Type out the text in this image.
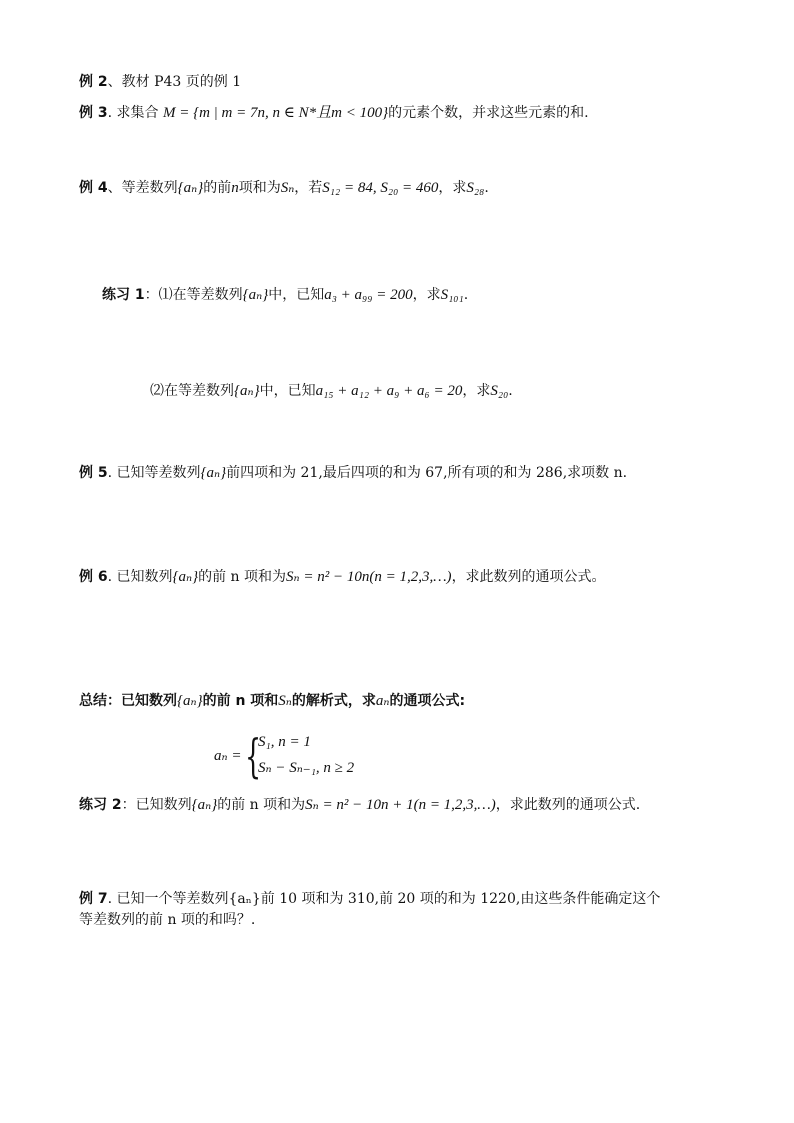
例 2、教材 P43 页的例 1
例 3. 求集合 M = {m | m = 7n, n ∈ N*且m < 100}的元素个数，并求这些元素的和.
例 4、等差数列{aₙ}的前n项和为Sₙ，若S₁₂ = 84, S₂₀ = 460，求S₂₈.
练习 1：⑴在等差数列{aₙ}中，已知a₃ + a₉₉ = 200，求S₁₀₁.
⑵在等差数列{aₙ}中，已知a₁₅ + a₁₂ + a₉ + a₆ = 20，求S₂₀.
例 5. 已知等差数列{aₙ}前四项和为 21,最后四项的和为 67,所有项的和为 286,求项数 n.
例 6. 已知数列{aₙ}的前 n 项和为Sₙ = n² − 10n(n = 1,2,3,…)，求此数列的通项公式。
总结：已知数列{aₙ}的前 n 项和Sₙ的解析式，求aₙ的通项公式:
aₙ = {
S₁, n = 1
Sₙ − Sₙ₋₁, n ≥ 2
练习 2：已知数列{aₙ}的前 n 项和为Sₙ = n² − 10n + 1(n = 1,2,3,…)，求此数列的通项公式.
例 7. 已知一个等差数列{aₙ}前 10 项和为 310,前 20 项的和为 1220,由这些条件能确定这个
等差数列的前 n 项的和吗？.
